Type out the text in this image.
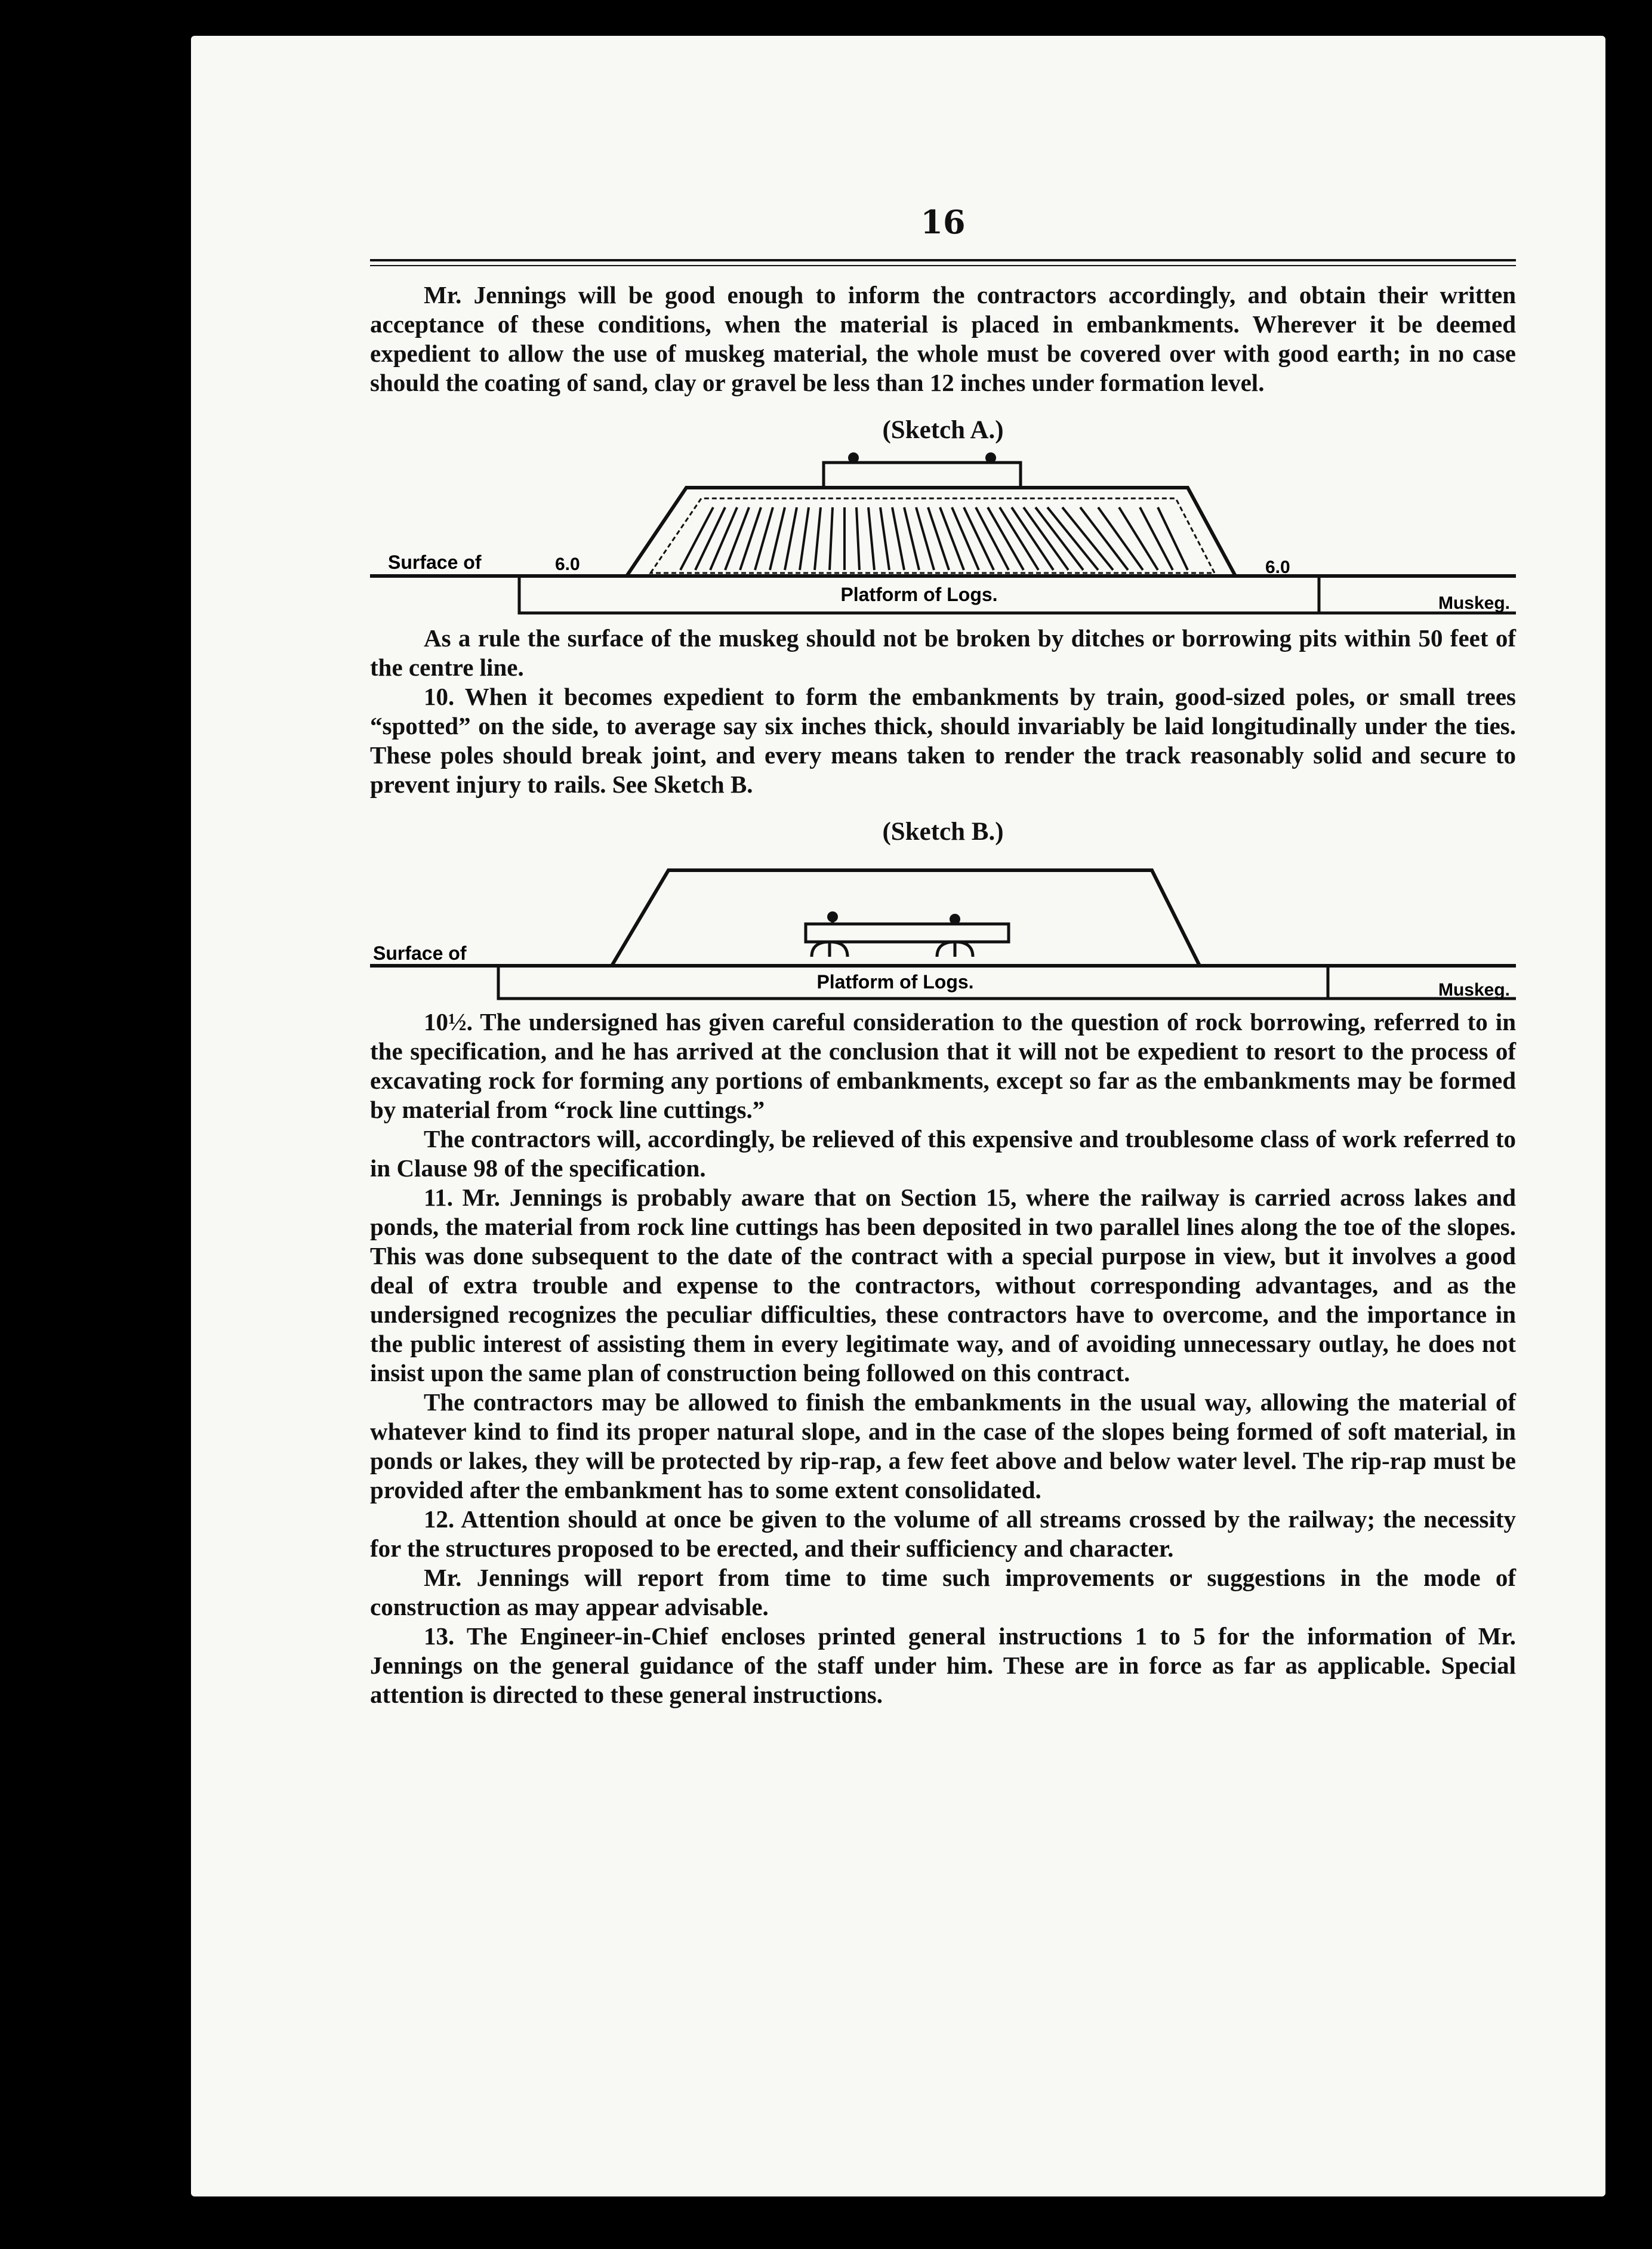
16

Mr. Jennings will be good enough to inform the contractors accordingly, and obtain their written acceptance of these conditions, when the material is placed in embankments. Wherever it be deemed expedient to allow the use of muskeg material, the whole must be covered over with good earth; in no case should the coating of sand, clay or gravel be less than 12 inches under formation level.

(Sketch A.)
Surface of	6.0	6.0
Platform of Logs.	Muskeg.

As a rule the surface of the muskeg should not be broken by ditches or borrowing pits within 50 feet of the centre line.

10. When it becomes expedient to form the embankments by train, good-sized poles, or small trees “spotted” on the side, to average say six inches thick, should invariably be laid longitudinally under the ties. These poles should break joint, and every means taken to render the track reasonably solid and secure to prevent injury to rails. See Sketch B.

(Sketch B.)
Surface of
Platform of Logs.	Muskeg.

10½. The undersigned has given careful consideration to the question of rock borrowing, referred to in the specification, and he has arrived at the conclusion that it will not be expedient to resort to the process of excavating rock for forming any portions of embankments, except so far as the embankments may be formed by material from “rock line cuttings.”

The contractors will, accordingly, be relieved of this expensive and troublesome class of work referred to in Clause 98 of the specification.

11. Mr. Jennings is probably aware that on Section 15, where the railway is carried across lakes and ponds, the material from rock line cuttings has been deposited in two parallel lines along the toe of the slopes. This was done subsequent to the date of the contract with a special purpose in view, but it involves a good deal of extra trouble and expense to the contractors, without corresponding advantages, and as the undersigned recognizes the peculiar difficulties, these contractors have to overcome, and the importance in the public interest of assisting them in every legitimate way, and of avoiding unnecessary outlay, he does not insist upon the same plan of construction being followed on this contract.

The contractors may be allowed to finish the embankments in the usual way, allowing the material of whatever kind to find its proper natural slope, and in the case of the slopes being formed of soft material, in ponds or lakes, they will be protected by rip-rap, a few feet above and below water level. The rip-rap must be provided after the embankment has to some extent consolidated.

12. Attention should at once be given to the volume of all streams crossed by the railway; the necessity for the structures proposed to be erected, and their sufficiency and character.

Mr. Jennings will report from time to time such improvements or suggestions in the mode of construction as may appear advisable.

13. The Engineer-in-Chief encloses printed general instructions 1 to 5 for the information of Mr. Jennings on the general guidance of the staff under him. These are in force as far as applicable. Special attention is directed to these general instructions.
